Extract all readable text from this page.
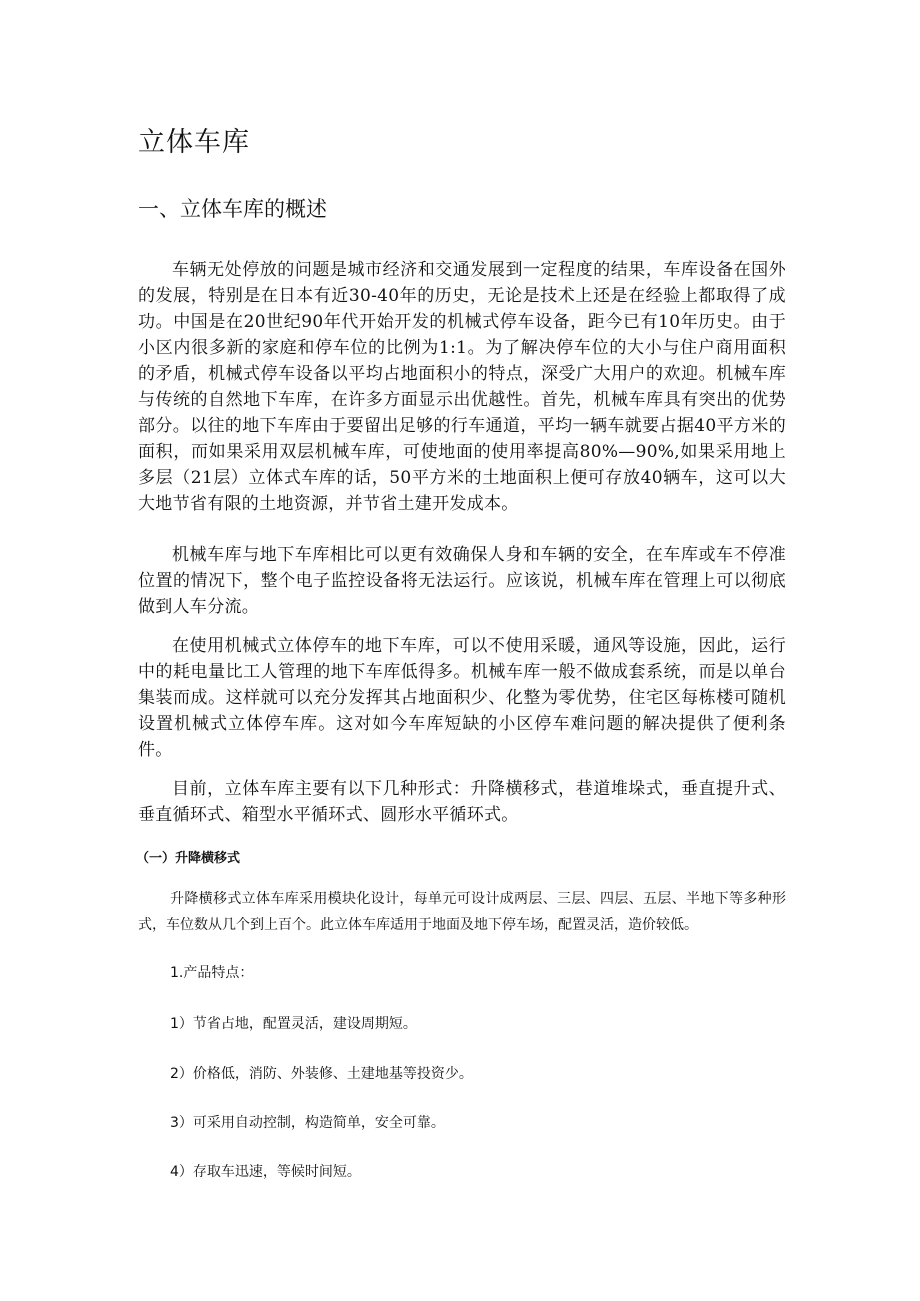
立体车库
一、立体车库的概述

车辆无处停放的问题是城市经济和交通发展到一定程度的结果，车库设备在国外的发展，特别是在日本有近30-40年的历史，无论是技术上还是在经验上都取得了成功。中国是在20世纪90年代开始开发的机械式停车设备，距今已有10年历史。由于小区内很多新的家庭和停车位的比例为1:1。为了解决停车位的大小与住户商用面积的矛盾，机械式停车设备以平均占地面积小的特点，深受广大用户的欢迎。机械车库与传统的自然地下车库，在许多方面显示出优越性。首先，机械车库具有突出的优势部分。以往的地下车库由于要留出足够的行车通道，平均一辆车就要占据40平方米的面积，而如果采用双层机械车库，可使地面的使用率提高80%—90%,如果采用地上多层（21层）立体式车库的话，50平方米的土地面积上便可存放40辆车，这可以大大地节省有限的土地资源，并节省土建开发成本。

机械车库与地下车库相比可以更有效确保人身和车辆的安全，在车库或车不停准位置的情况下，整个电子监控设备将无法运行。应该说，机械车库在管理上可以彻底做到人车分流。

在使用机械式立体停车的地下车库，可以不使用采暖，通风等设施，因此，运行中的耗电量比工人管理的地下车库低得多。机械车库一般不做成套系统，而是以单台集装而成。这样就可以充分发挥其占地面积少、化整为零优势，住宅区每栋楼可随机设置机械式立体停车库。这对如今车库短缺的小区停车难问题的解决提供了便利条件。

目前，立体车库主要有以下几种形式：升降横移式，巷道堆垛式，垂直提升式、垂直循环式、箱型水平循环式、圆形水平循环式。

（一）升降横移式

升降横移式立体车库采用模块化设计，每单元可设计成两层、三层、四层、五层、半地下等多种形式，车位数从几个到上百个。此立体车库适用于地面及地下停车场，配置灵活，造价较低。

1.产品特点：

1）节省占地，配置灵活，建设周期短。

2）价格低，消防、外装修、土建地基等投资少。

3）可采用自动控制，构造简单，安全可靠。

4）存取车迅速，等候时间短。
